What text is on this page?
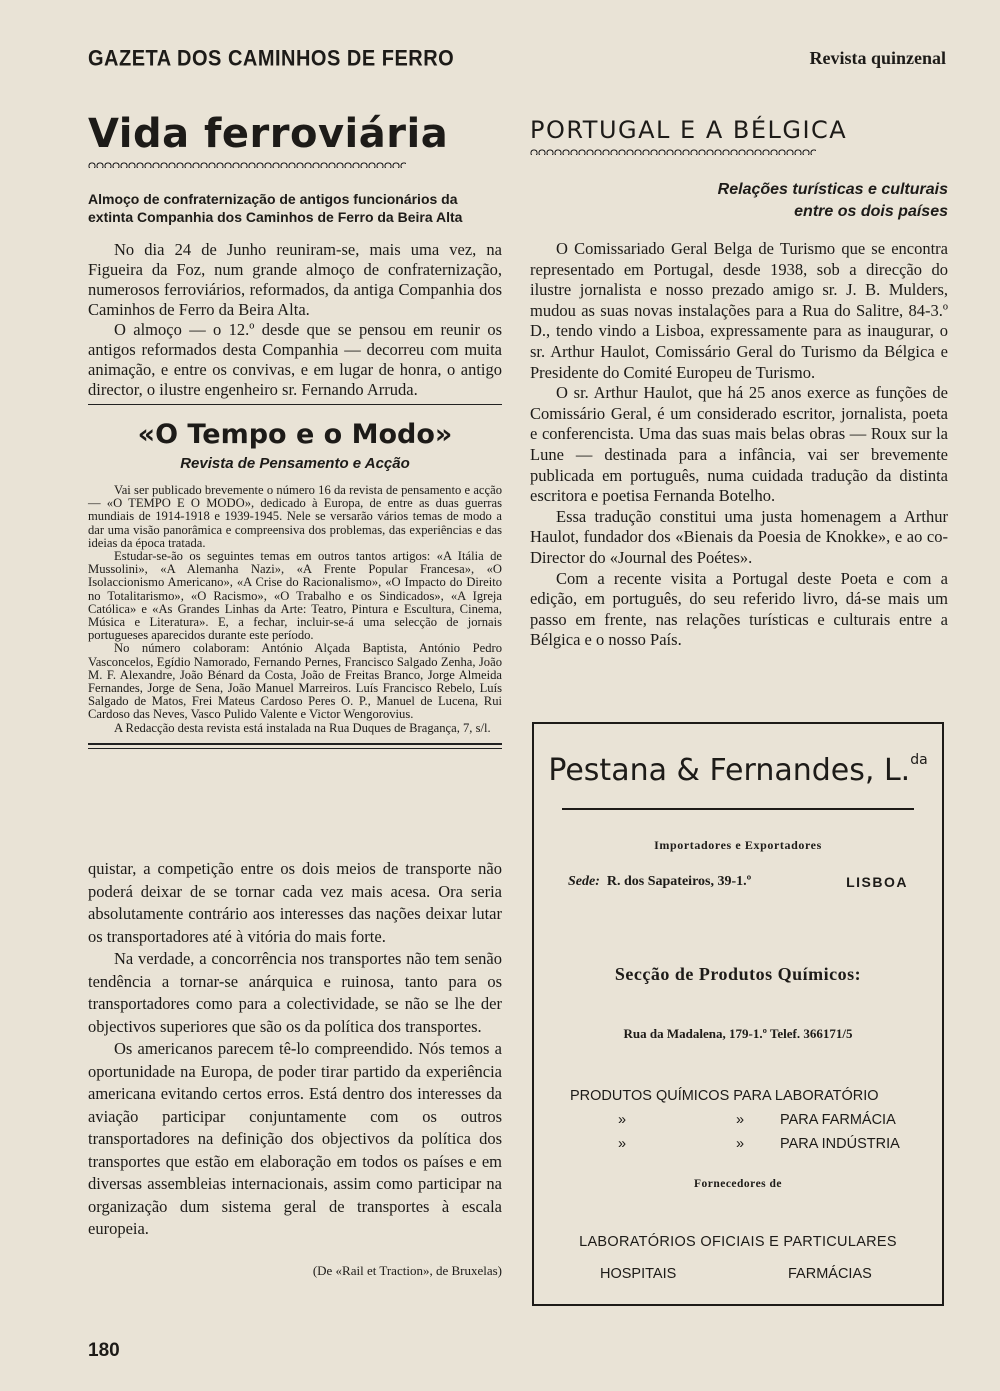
GAZETA DOS CAMINHOS DE FERRO	Revista quinzenal
Vida ferroviária
Almoço de confraternização de antigos funcionários da extinta Companhia dos Caminhos de Ferro da Beira Alta

No dia 24 de Junho reuniram-se, mais uma vez, na Figueira da Foz, num grande almoço de confraternização, numerosos ferroviários, reformados, da antiga Companhia dos Caminhos de Ferro da Beira Alta.

O almoço — o 12.º desde que se pensou em reunir os antigos reformados desta Companhia — decorreu com muita animação, e entre os convivas, e em lugar de honra, o antigo director, o ilustre engenheiro sr. Fernando Arruda.

«O Tempo e o Modo»
Revista de Pensamento e Acção

Vai ser publicado brevemente o número 16 da revista de pensamento e acção — «O TEMPO E O MODO», dedicado à Europa, de entre as duas guerras mundiais de 1914-1918 e 1939-1945. Nele se versarão vários temas de modo a dar uma visão panorâmica e compreensiva dos problemas, das experiências e das ideias da época tratada.

Estudar-se-ão os seguintes temas em outros tantos artigos: «A Itália de Mussolini», «A Alemanha Nazi», «A Frente Popular Francesa», «O Isolaccionismo Americano», «A Crise do Racionalismo», «O Impacto do Direito no Totalitarismo», «O Racismo», «O Trabalho e os Sindicados», «A Igreja Católica» e «As Grandes Linhas da Arte: Teatro, Pintura e Escultura, Cinema, Música e Literatura». E, a fechar, incluir-se-á uma selecção de jornais portugueses aparecidos durante este período.

No número colaboram: António Alçada Baptista, António Pedro Vasconcelos, Egídio Namorado, Fernando Pernes, Francisco Salgado Zenha, João M. F. Alexandre, João Bénard da Costa, João de Freitas Branco, Jorge Almeida Fernandes, Jorge de Sena, João Manuel Marreiros. Luís Francisco Rebelo, Luís Salgado de Matos, Frei Mateus Cardoso Peres O. P., Manuel de Lucena, Rui Cardoso das Neves, Vasco Pulido Valente e Victor Wengorovius.

A Redacção desta revista está instalada na Rua Duques de Bragança, 7, s/l.

quistar, a competição entre os dois meios de transporte não poderá deixar de se tornar cada vez mais acesa. Ora seria absolutamente contrário aos interesses das nações deixar lutar os transportadores até à vitória do mais forte.

Na verdade, a concorrência nos transportes não tem senão tendência a tornar-se anárquica e ruinosa, tanto para os transportadores como para a colectividade, se não se lhe der objectivos superiores que são os da política dos transportes.

Os americanos parecem tê-lo compreendido. Nós temos a oportunidade na Europa, de poder tirar partido da experiência americana evitando certos erros. Está dentro dos interesses da aviação participar conjuntamente com os outros transportadores na definição dos objectivos da política dos transportes que estão em elaboração em todos os países e em diversas assembleias internacionais, assim como participar na organização dum sistema geral de transportes à escala europeia.

(De «Rail et Traction», de Bruxelas)
180
PORTUGAL E A BÉLGICA
Relações turísticas e culturais
entre os dois países

O Comissariado Geral Belga de Turismo que se encontra representado em Portugal, desde 1938, sob a direcção do ilustre jornalista e nosso prezado amigo sr. J. B. Mulders, mudou as suas novas instalações para a Rua do Salitre, 84-3.º D., tendo vindo a Lisboa, expressamente para as inaugurar, o sr. Arthur Haulot, Comissário Geral do Turismo da Bélgica e Presidente do Comité Europeu de Turismo.

O sr. Arthur Haulot, que há 25 anos exerce as funções de Comissário Geral, é um considerado escritor, jornalista, poeta e conferencista. Uma das suas mais belas obras — Roux sur la Lune — destinada para a infância, vai ser brevemente publicada em português, numa cuidada tradução da distinta escritora e poetisa Fernanda Botelho.

Essa tradução constitui uma justa homenagem a Arthur Haulot, fundador dos «Bienais da Poesia de Knokke», e ao co-Director do «Journal des Poétes».

Com a recente visita a Portugal deste Poeta e com a edição, em português, do seu referido livro, dá-se mais um passo em frente, nas relações turísticas e culturais entre a Bélgica e o nosso País.

Pestana & Fernandes, L.$^{da}$
Importadores e Exportadores
Sede: R. dos Sapateiros, 39-1.º	LISBOA
Secção de Produtos Químicos:
Rua da Madalena, 179-1.º Telef. 366171/5
PRODUTOS QUÍMICOS PARA LABORATÓRIO
»	» PARA FARMÁCIA
»	» PARA INDÚSTRIA
Fornecedores de
LABORATÓRIOS OFICIAIS E PARTICULARES
HOSPITAIS	FARMÁCIAS
